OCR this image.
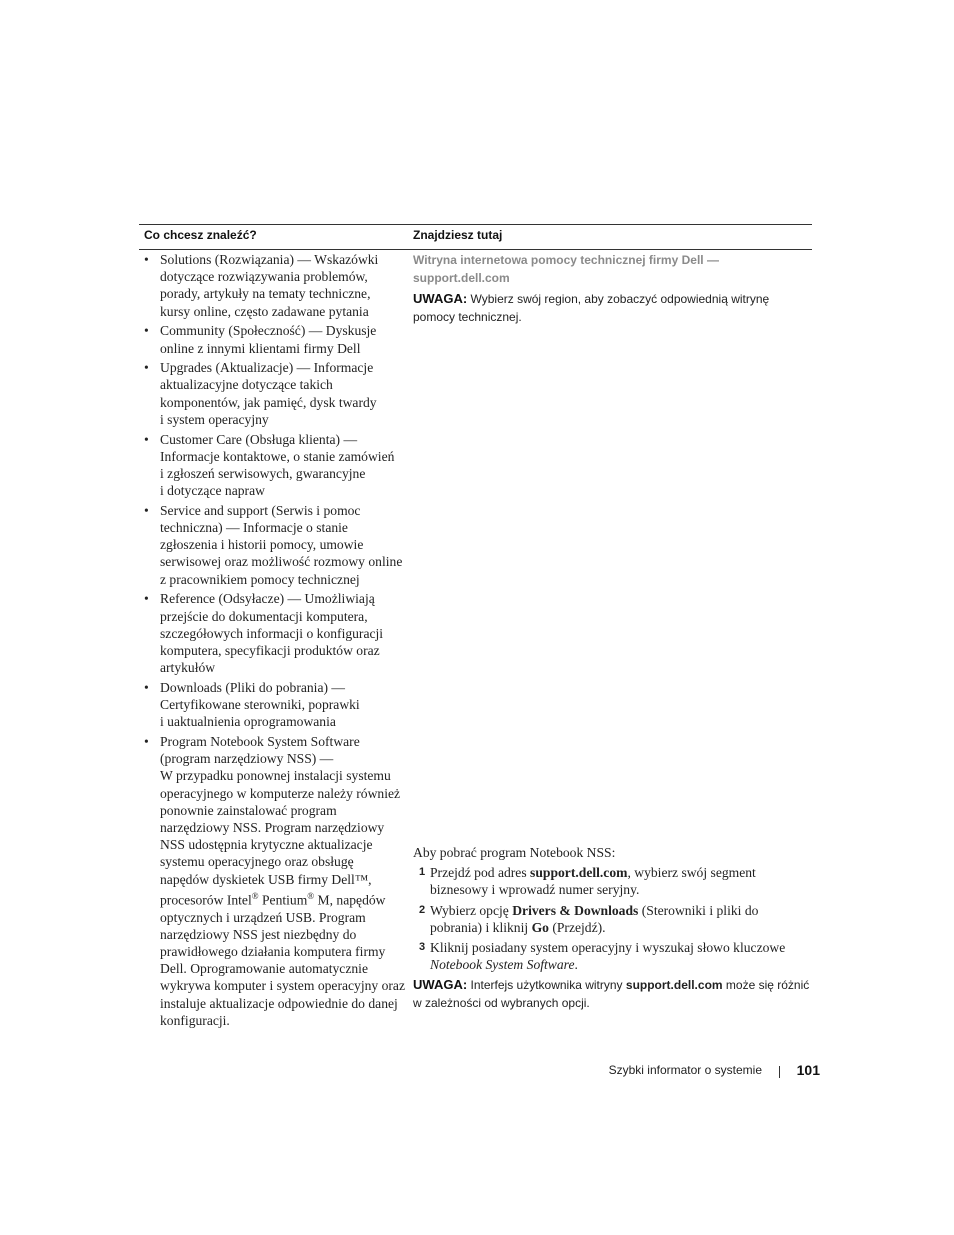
Co chcesz znaleźć?	Znajdziesz tutaj
• Solutions (Rozwiązania) — Wskazówki
dotyczące rozwiązywania problemów,
porady, artykuły na tematy techniczne,
kursy online, często zadawane pytania
• Community (Społeczność) — Dyskusje
online z innymi klientami firmy Dell
• Upgrades (Aktualizacje) — Informacje
aktualizacyjne dotyczące takich
komponentów, jak pamięć, dysk twardy
i system operacyjny
• Customer Care (Obsługa klienta) —
Informacje kontaktowe, o stanie zamówień
i zgłoszeń serwisowych, gwarancyjne
i dotyczące napraw
• Service and support (Serwis i pomoc
techniczna) — Informacje o stanie
zgłoszenia i historii pomocy, umowie
serwisowej oraz możliwość rozmowy online
z pracownikiem pomocy technicznej
• Reference (Odsyłacze) — Umożliwiają
przejście do dokumentacji komputera,
szczegółowych informacji o konfiguracji
komputera, specyfikacji produktów oraz
artykułów
• Downloads (Pliki do pobrania) —
Certyfikowane sterowniki, poprawki
i uaktualnienia oprogramowania
• Program Notebook System Software
(program narzędziowy NSS) —
W przypadku ponownej instalacji systemu
operacyjnego w komputerze należy również
ponownie zainstalować program
narzędziowy NSS. Program narzędziowy
NSS udostępnia krytyczne aktualizacje
systemu operacyjnego oraz obsługę
napędów dyskietek USB firmy Dell™,
procesorów Intel® Pentium® M, napędów
optycznych i urządzeń USB. Program
narzędziowy NSS jest niezbędny do
prawidłowego działania komputera firmy
Dell. Oprogramowanie automatycznie
wykrywa komputer i system operacyjny oraz
instaluje aktualizacje odpowiednie do danej
konfiguracji.
Witryna internetowa pomocy technicznej firmy Dell —
support.dell.com
UWAGA: Wybierz swój region, aby zobaczyć odpowiednią witrynę
pomocy technicznej.
Aby pobrać program Notebook NSS:
1 Przejdź pod adres support.dell.com, wybierz swój segment
biznesowy i wprowadź numer seryjny.
2 Wybierz opcję Drivers & Downloads (Sterowniki i pliki do
pobrania) i kliknij Go (Przejdź).
3 Kliknij posiadany system operacyjny i wyszukaj słowo kluczowe
Notebook System Software.
UWAGA: Interfejs użytkownika witryny support.dell.com może się różnić
w zależności od wybranych opcji.
Szybki informator o systemie 101
